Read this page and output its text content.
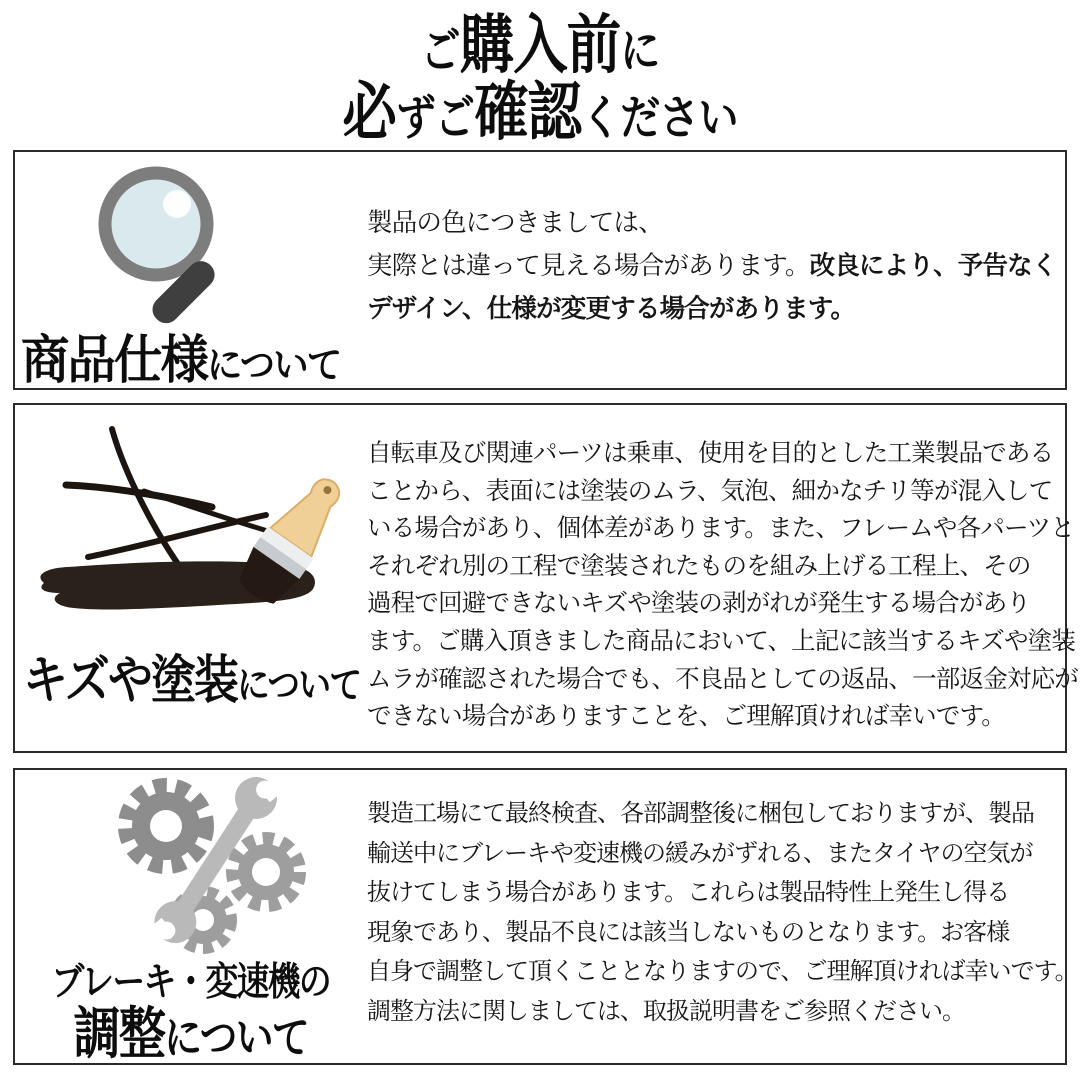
ご購入前に
必ずご確認ください
商品仕様について
製品の色につきましては、
実際とは違って見える場合があります。改良により、予告なく
デザイン、仕様が変更する場合があります。
キズや塗装について
自転車及び関連パーツは乗車、使用を目的とした工業製品である
ことから、表面には塗装のムラ、気泡、細かなチリ等が混入して
いる場合があり、個体差があります。また、フレームや各パーツと
それぞれ別の工程で塗装されたものを組み上げる工程上、その
過程で回避できないキズや塗装の剥がれが発生する場合があり
ます。ご購入頂きました商品において、上記に該当するキズや塗装
ムラが確認された場合でも、不良品としての返品、一部返金対応が
できない場合がありますことを、ご理解頂ければ幸いです。
ブレーキ・変速機の
調整について
製造工場にて最終検査、各部調整後に梱包しておりますが、製品
輸送中にブレーキや変速機の緩みがずれる、またタイヤの空気が
抜けてしまう場合があります。これらは製品特性上発生し得る
現象であり、製品不良には該当しないものとなります。お客様
自身で調整して頂くこととなりますので、ご理解頂ければ幸いです。
調整方法に関しましては、取扱説明書をご参照ください。
